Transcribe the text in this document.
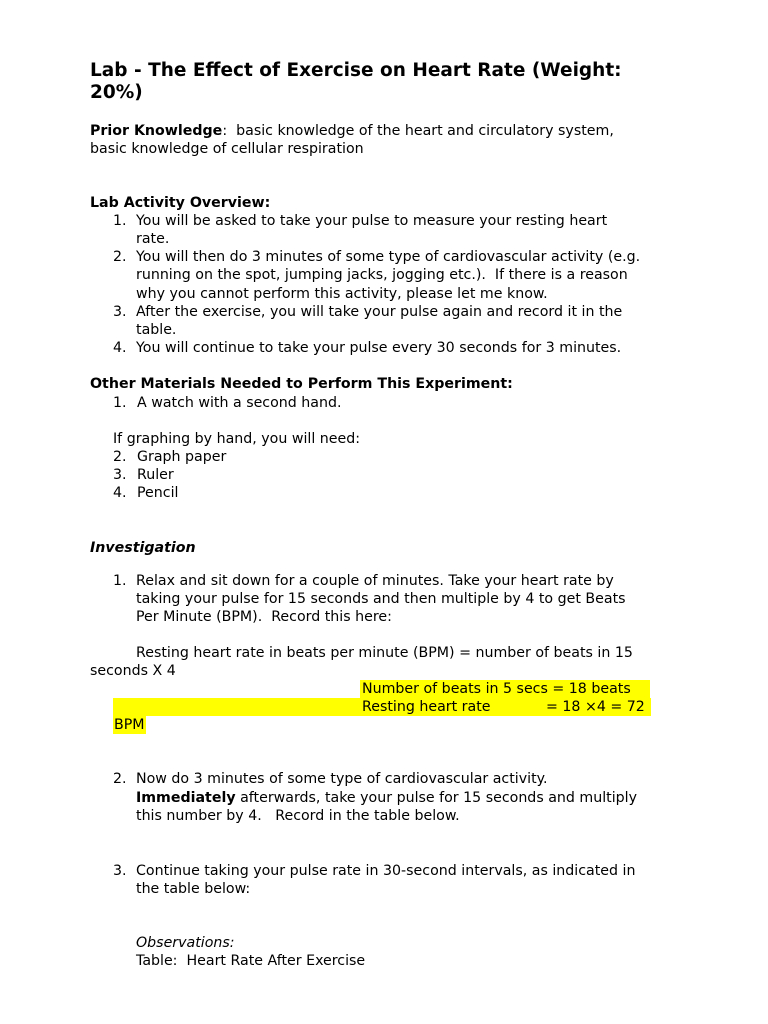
Lab - The Effect of Exercise on Heart Rate (Weight:
20%)
Prior Knowledge:  basic knowledge of the heart and circulatory system,
basic knowledge of cellular respiration
Lab Activity Overview:
1. You will be asked to take your pulse to measure your resting heart
rate.
2. You will then do 3 minutes of some type of cardiovascular activity (e.g.
running on the spot, jumping jacks, jogging etc.).  If there is a reason
why you cannot perform this activity, please let me know.
3. After the exercise, you will take your pulse again and record it in the
table.
4. You will continue to take your pulse every 30 seconds for 3 minutes.
Other Materials Needed to Perform This Experiment:
1. A watch with a second hand.
If graphing by hand, you will need:
2. Graph paper
3. Ruler
4. Pencil
Investigation
1. Relax and sit down for a couple of minutes. Take your heart rate by
taking your pulse for 15 seconds and then multiple by 4 to get Beats
Per Minute (BPM).  Record this here:
Resting heart rate in beats per minute (BPM) = number of beats in 15
seconds X 4
Number of beats in 5 secs = 18 beats
Resting heart rate	= 18 ×4 = 72
BPM
2. Now do 3 minutes of some type of cardiovascular activity.
Immediately afterwards, take your pulse for 15 seconds and multiply
this number by 4.   Record in the table below.
3. Continue taking your pulse rate in 30-second intervals, as indicated in
the table below:
Observations:
Table:  Heart Rate After Exercise
